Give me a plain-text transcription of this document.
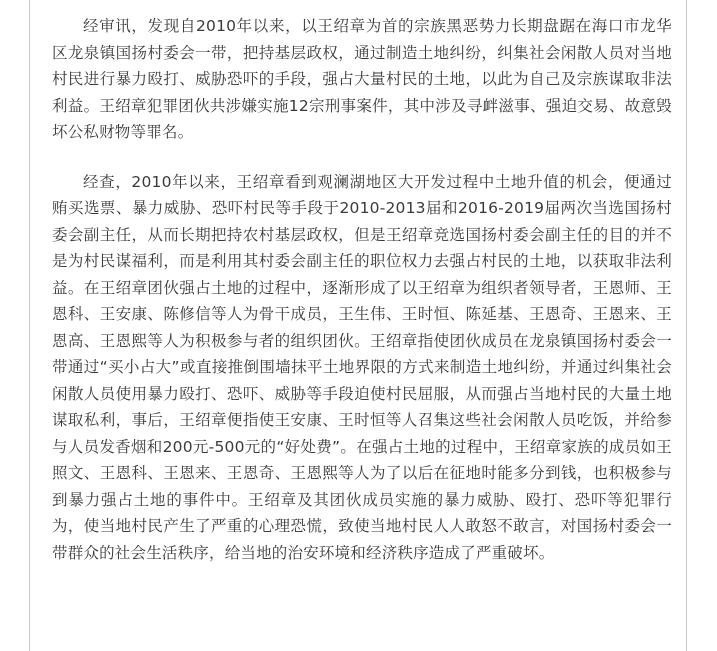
经审讯，发现自2010年以来，以王绍章为首的宗族黑恶势力长期盘踞在海口市龙华区龙泉镇国扬村委会一带，把持基层政权，通过制造土地纠纷，纠集社会闲散人员对当地村民进行暴力殴打、威胁恐吓的手段，强占大量村民的土地，以此为自己及宗族谋取非法利益。王绍章犯罪团伙共涉嫌实施12宗刑事案件，其中涉及寻衅滋事、强迫交易、故意毁坏公私财物等罪名。

经查，2010年以来，王绍章看到观澜湖地区大开发过程中土地升值的机会，便通过贿买选票、暴力威胁、恐吓村民等手段于2010-2013届和2016-2019届两次当选国扬村委会副主任，从而长期把持农村基层政权，但是王绍章竞选国扬村委会副主任的目的并不是为村民谋福利，而是利用其村委会副主任的职位权力去强占村民的土地，以获取非法利益。在王绍章团伙强占土地的过程中，逐渐形成了以王绍章为组织者领导者，王恩师、王恩科、王安康、陈修信等人为骨干成员，王生伟、王时恒、陈延基、王恩奇、王恩来、王恩高、王恩熙等人为积极参与者的组织团伙。王绍章指使团伙成员在龙泉镇国扬村委会一带通过“买小占大”或直接推倒围墙抹平土地界限的方式来制造土地纠纷，并通过纠集社会闲散人员使用暴力殴打、恐吓、威胁等手段迫使村民屈服，从而强占当地村民的大量土地谋取私利，事后，王绍章便指使王安康、王时恒等人召集这些社会闲散人员吃饭，并给参与人员发香烟和200元-500元的“好处费”。在强占土地的过程中，王绍章家族的成员如王照文、王恩科、王恩来、王恩奇、王恩熙等人为了以后在征地时能多分到钱，也积极参与到暴力强占土地的事件中。王绍章及其团伙成员实施的暴力威胁、殴打、恐吓等犯罪行为，使当地村民产生了严重的心理恐慌，致使当地村民人人敢怒不敢言，对国扬村委会一带群众的社会生活秩序，给当地的治安环境和经济秩序造成了严重破坏。
